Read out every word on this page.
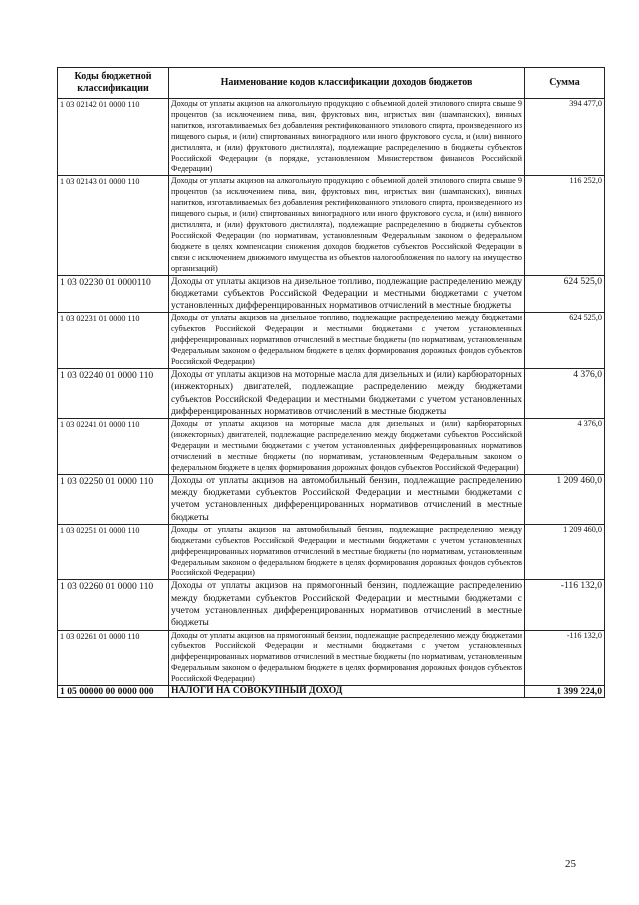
Коды бюджетной классификации	Наименование кодов классификации доходов бюджетов	Сумма
1 03 02142 01 0000 110	Доходы от уплаты акцизов на алкогольную продукцию с объемной долей этилового спирта свыше 9 процентов (за исключением пива, вин, фруктовых вин, игристых вин (шампанских), винных напитков, изготавливаемых без добавления ректификованного этилового спирта, произведенного из пищевого сырья, и (или) спиртованных виноградного или иного фруктового сусла, и (или) винного дистиллята, и (или) фруктового дистиллята), подлежащие распределению в бюджеты субъектов Российской Федерации (в порядке, установленном Министерством финансов Российской Федерации)	394 477,0
1 03 02143 01 0000 110	Доходы от уплаты акцизов на алкогольную продукцию с объемной долей этилового спирта свыше 9 процентов (за исключением пива, вин, фруктовых вин, игристых вин (шампанских), винных напитков, изготавливаемых без добавления ректификованного этилового спирта, произведенного из пищевого сырья, и (или) спиртованных виноградного или иного фруктового сусла, и (или) винного дистиллята, и (или) фруктового дистиллята), подлежащие распределению в бюджеты субъектов Российской Федерации (по нормативам, установленным Федеральным законом о федеральном бюджете в целях компенсации снижения доходов бюджетов субъектов Российской Федерации в связи с исключением движимого имущества из объектов налогообложения по налогу на имущество организаций)	116 252,0
1 03 02230 01 0000110	Доходы от уплаты акцизов на дизельное топливо, подлежащие распределению между бюджетами субъектов Российской Федерации и местными бюджетами с учетом установленных дифференцированных нормативов отчислений в местные бюджеты	624 525,0
1 03 02231 01 0000 110	Доходы от уплаты акцизов на дизельное топливо, подлежащие распределению между бюджетами субъектов Российской Федерации и местными бюджетами с учетом установленных дифференцированных нормативов отчислений в местные бюджеты (по нормативам, установленным Федеральным законом о федеральном бюджете в целях формирования дорожных фондов субъектов Российской Федерации)	624 525,0
1 03 02240 01 0000 110	Доходы от уплаты акцизов на моторные масла для дизельных и (или) карбюраторных (инжекторных) двигателей, подлежащие распределению между бюджетами субъектов Российской Федерации и местными бюджетами с учетом установленных дифференцированных нормативов отчислений в местные бюджеты	4 376,0
1 03 02241 01 0000 110	Доходы от уплаты акцизов на моторные масла для дизельных и (или) карбюраторных (инжекторных) двигателей, подлежащие распределению между бюджетами субъектов Российской Федерации и местными бюджетами с учетом установленных дифференцированных нормативов отчислений в местные бюджеты (по нормативам, установленным Федеральным законом о федеральном бюджете в целях формирования дорожных фондов субъектов Российской Федерации)	4 376,0
1 03 02250 01 0000 110	Доходы от уплаты акцизов на автомобильный бензин, подлежащие распределению между бюджетами субъектов Российской Федерации и местными бюджетами с учетом установленных дифференцированных нормативов отчислений в местные бюджеты	1 209 460,0
1 03 02251 01 0000 110	Доходы от уплаты акцизов на автомобильный бензин, подлежащие распределению между бюджетами субъектов Российской Федерации и местными бюджетами с учетом установленных дифференцированных нормативов отчислений в местные бюджеты (по нормативам, установленным Федеральным законом о федеральном бюджете в целях формирования дорожных фондов субъектов Российской Федерации)	1 209 460,0
1 03 02260 01 0000 110	Доходы от уплаты акцизов на прямогонный бензин, подлежащие распределению между бюджетами субъектов Российской Федерации и местными бюджетами с учетом установленных дифференцированных нормативов отчислений в местные бюджеты	-116 132,0
1 03 02261 01 0000 110	Доходы от уплаты акцизов на прямогонный бензин, подлежащие распределению между бюджетами субъектов Российской Федерации и местными бюджетами с учетом установленных дифференцированных нормативов отчислений в местные бюджеты (по нормативам, установленным Федеральным законом о федеральном бюджете в целях формирования дорожных фондов субъектов Российской Федерации)	-116 132,0
1 05 00000 00 0000 000	НАЛОГИ НА СОВОКУПНЫЙ ДОХОД	1 399 224,0
25
